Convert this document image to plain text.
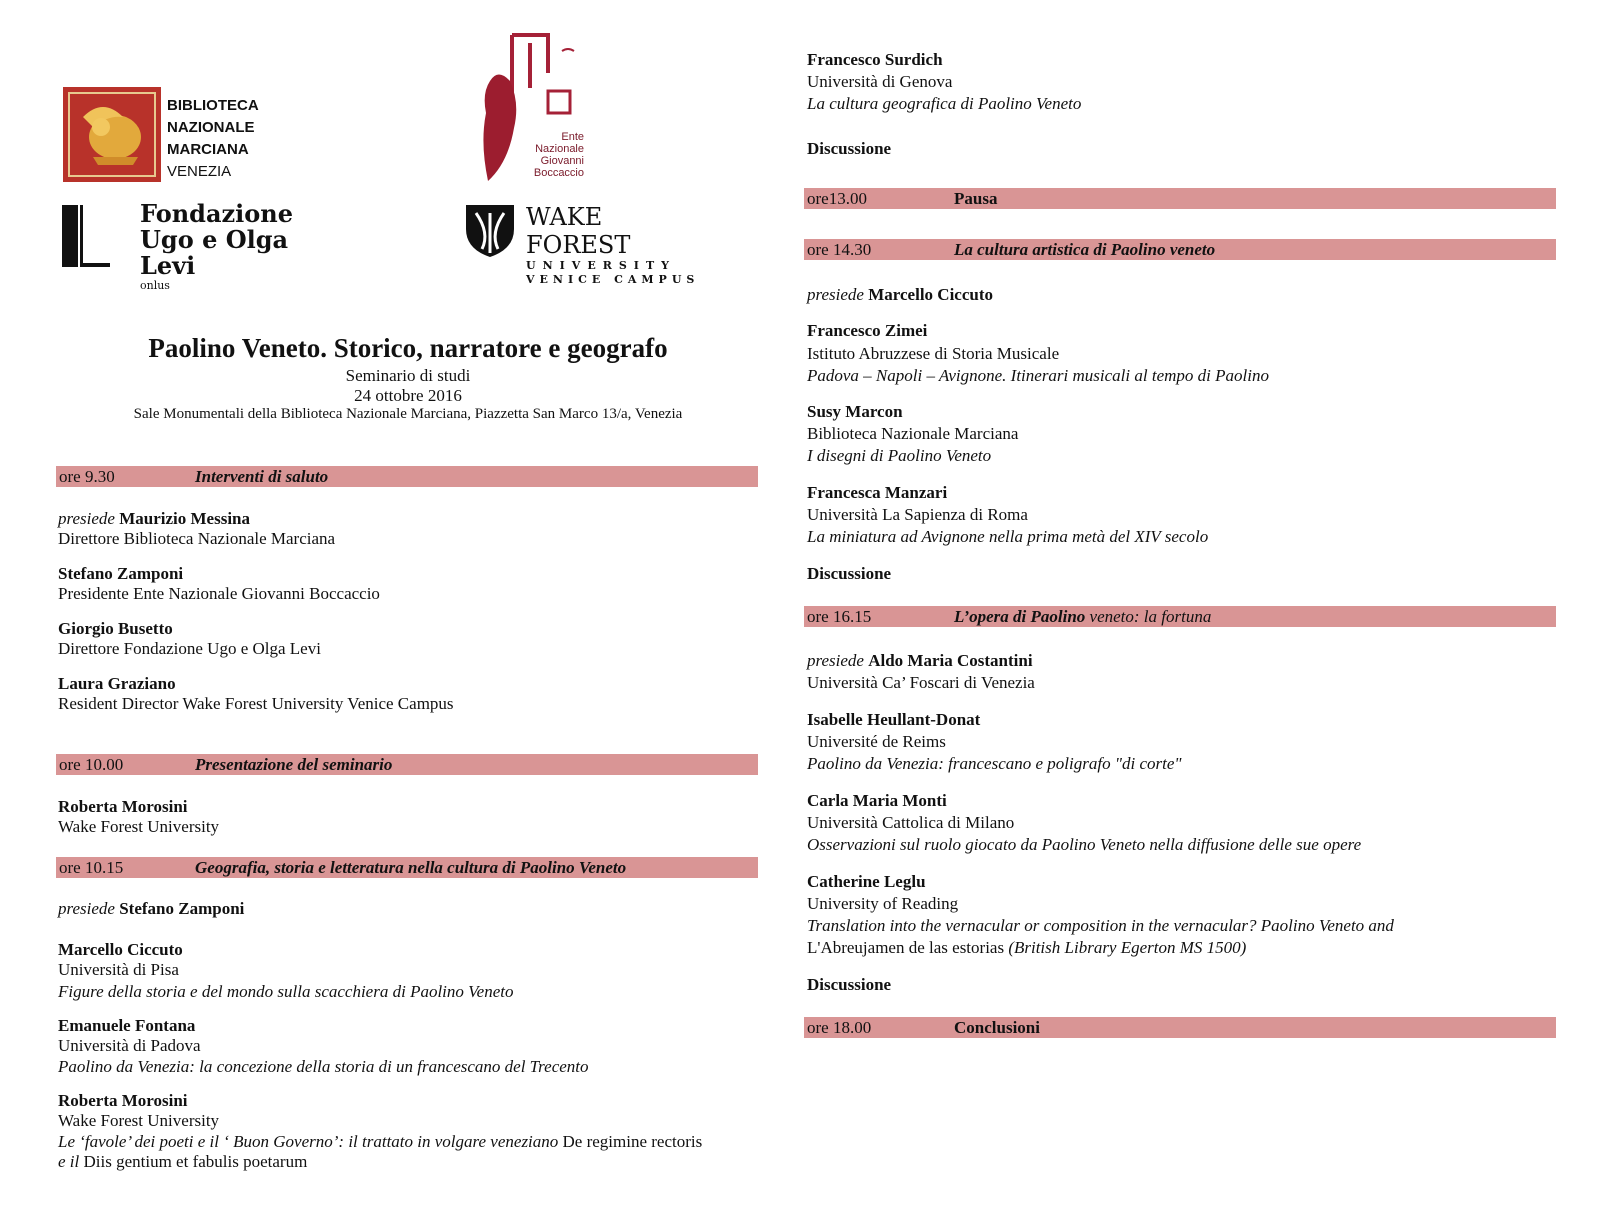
BIBLIOTECA
NAZIONALE
MARCIANA
VENEZIA
Ente
Nazionale
Giovanni
Boccaccio
Fondazione
Ugo e Olga Levi
onlus
WAKE FOREST
UNIVERSITY
VENICE CAMPUS
Paolino Veneto. Storico, narratore e geografo
Seminario di studi
24 ottobre 2016
Sale Monumentali della Biblioteca Nazionale Marciana, Piazzetta San Marco 13/a, Venezia
ore 9.30	Interventi di saluto
presiede Maurizio Messina
Direttore Biblioteca Nazionale Marciana
Stefano Zamponi
Presidente Ente Nazionale Giovanni Boccaccio
Giorgio Busetto
Direttore Fondazione Ugo e Olga Levi
Laura Graziano
Resident Director Wake Forest University Venice Campus
ore 10.00	Presentazione del seminario
Roberta Morosini
Wake Forest University
ore 10.15	Geografia, storia e letteratura nella cultura di Paolino Veneto
presiede Stefano Zamponi
Marcello Ciccuto
Università di Pisa
Figure della storia e del mondo sulla scacchiera di Paolino Veneto
Emanuele Fontana
Università di Padova
Paolino da Venezia: la concezione della storia di un francescano del Trecento
Roberta Morosini
Wake Forest University
Le ‘favole’ dei poeti e il ‘ Buon Governo’: il trattato in volgare veneziano De regimine rectoris
e il Diis gentium et fabulis poetarum
Francesco Surdich
Università di Genova
La cultura geografica di Paolino Veneto
Discussione
ore13.00	Pausa
ore 14.30	La cultura artistica di Paolino veneto
presiede Marcello Ciccuto
Francesco Zimei
Istituto Abruzzese di Storia Musicale
Padova – Napoli – Avignone. Itinerari musicali al tempo di Paolino
Susy Marcon
Biblioteca Nazionale Marciana
I disegni di Paolino Veneto
Francesca Manzari
Università La Sapienza di Roma
La miniatura ad Avignone nella prima metà del XIV secolo
Discussione
ore 16.15	L’opera di Paolino veneto: la fortuna
presiede Aldo Maria Costantini
Università Ca’ Foscari di Venezia
Isabelle Heullant-Donat
Université de Reims
Paolino da Venezia: francescano e poligrafo "di corte"
Carla Maria Monti
Università Cattolica di Milano
Osservazioni sul ruolo giocato da Paolino Veneto nella diffusione delle sue opere
Catherine Leglu
University of Reading
Translation into the vernacular or composition in the vernacular? Paolino Veneto and
L'Abreujamen de las estorias (British Library Egerton MS 1500)
Discussione
ore 18.00	Conclusioni
